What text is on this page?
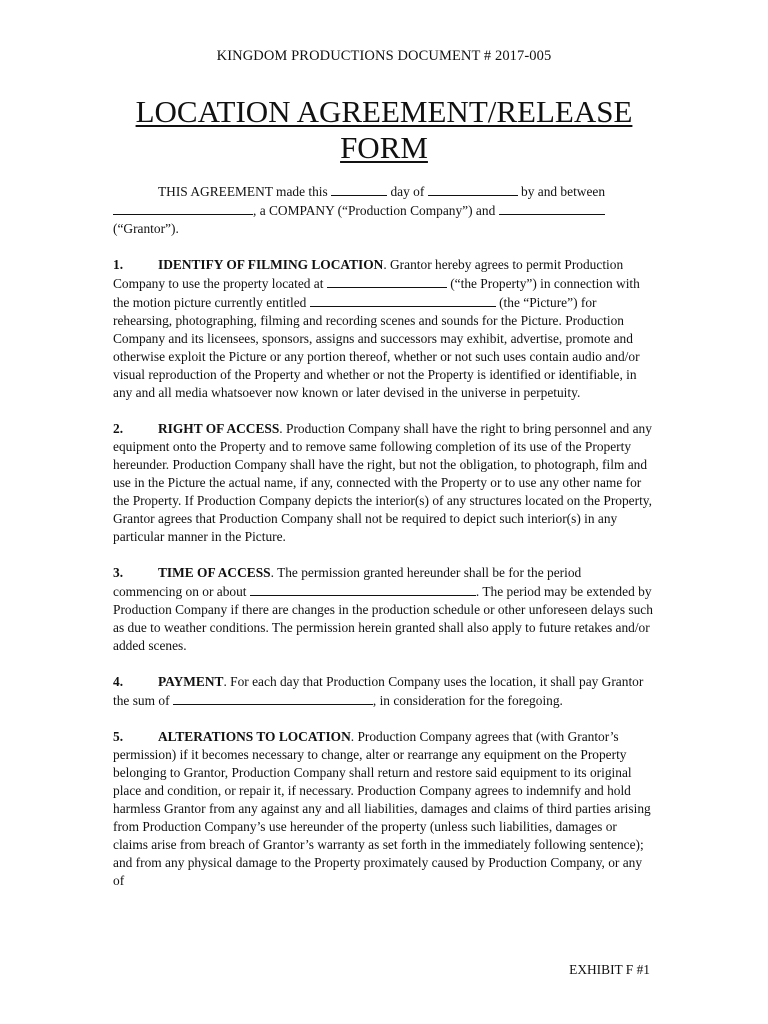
KINGDOM PRODUCTIONS DOCUMENT # 2017-005
LOCATION AGREEMENT/RELEASE
FORM

THIS AGREEMENT made this	day of	by and between , a COMPANY (“Production Company”) and  (“Grantor”).

1.	IDENTIFY OF FILMING LOCATION. Grantor hereby agrees to permit Production Company to use the property located at	(“the Property”) in connection with the motion picture currently entitled	(the “Picture”) for rehearsing, photographing, filming and recording scenes and sounds for the Picture. Production Company and its licensees, sponsors, assigns and successors may exhibit, advertise, promote and otherwise exploit the Picture or any portion thereof, whether or not such uses contain audio and/or visual reproduction of the Property and whether or not the Property is identified or identifiable, in any and all media whatsoever now known or later devised in the universe in perpetuity.

2.	RIGHT OF ACCESS. Production Company shall have the right to bring personnel and any equipment onto the Property and to remove same following completion of its use of the Property hereunder. Production Company shall have the right, but not the obligation, to photograph, film and use in the Picture the actual name, if any, connected with the Property or to use any other name for the Property. If Production Company depicts the interior(s) of any structures located on the Property, Grantor agrees that Production Company shall not be required to depict such interior(s) in any particular manner in the Picture.

3.	TIME OF ACCESS. The permission granted hereunder shall be for the period commencing on or about	. The period may be extended by Production Company if there are changes in the production schedule or other unforeseen delays such as due to weather conditions. The permission herein granted shall also apply to future retakes and/or added scenes.

4.	PAYMENT. For each day that Production Company uses the location, it shall pay Grantor the sum of	, in consideration for the foregoing.

5.	ALTERATIONS TO LOCATION. Production Company agrees that (with Grantor’s permission) if it becomes necessary to change, alter or rearrange any equipment on the Property belonging to Grantor, Production Company shall return and restore said equipment to its original place and condition, or repair it, if necessary. Production Company agrees to indemnify and hold harmless Grantor from any against any and all liabilities, damages and claims of third parties arising from Production Company’s use hereunder of the property (unless such liabilities, damages or claims arise from breach of Grantor’s warranty as set forth in the immediately following sentence); and from any physical damage to the Property proximately caused by Production Company, or any of

EXHIBIT F #1
